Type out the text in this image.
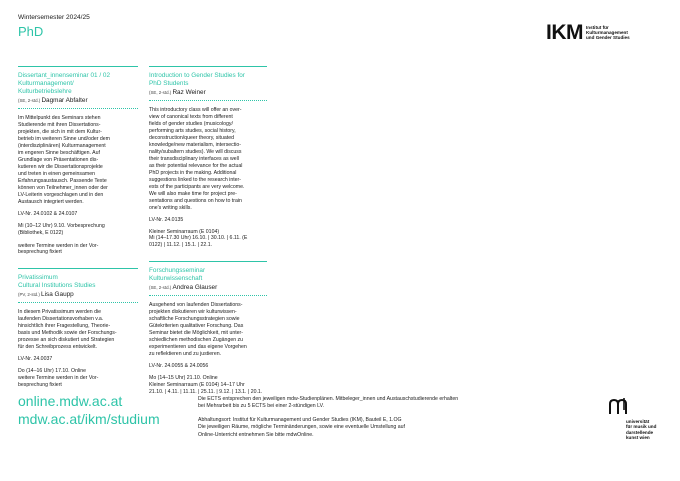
Wintersemester 2024/25
PhD	IKM Institut für
Kulturmanagement
und Gender Studies
Dissertant_innenseminar 01 / 02
Kulturmanagement/
Kulturbetriebslehre
(SE, 2-std.) Dagmar Abfalter
Im Mittelpunkt des Seminars stehen
Studierende mit ihren Dissertations-
projekten, die sich in mit dem Kultur-
betrieb im weiteren Sinne und/oder dem
(interdisziplinären) Kulturmanagement
im engeren Sinne beschäftigen. Auf
Grundlage von Präsentationen dis-
kutieren wir die Dissertationsprojekte
und treten in einen gemeinsamen
Erfahrungsaustausch. Passende Texte
können von Teilnehmer_innen oder der
LV-Leiterin vorgeschlagen und in den
Austausch integriert werden.
LV-Nr. 24.0102 & 24.0107
Mi (10–12 Uhr) 9.10. Vorbesprechung
(Bibliothek, E 0122)
weitere Termine werden in der Vor-
besprechung fixiert
Privatissimum
Cultural Institutions Studies
(PV, 2-std.) Lisa Gaupp
In diesem Privatissimum werden die
laufenden Dissertationsvorhaben v.a.
hinsichtlich ihrer Fragestellung, Theorie-
basis und Methodik sowie der Forschungs-
prozesse an sich diskutiert und Strategien
für den Schreibprozess entwickelt.
LV-Nr. 24.0037
Do (14–16 Uhr) 17.10. Online
weitere Termine werden in der Vor-
besprechung fixiert
Introduction to Gender Studies for
PhD Students
(SE, 2-std.) Raz Weiner
This introductory class will offer an over-
view of canonical texts from different
fields of gender studies (musicology/
performing arts studies, social history,
deconstruction/queer theory, situated
knowledge/new materialism, intersectio-
nality/subaltern studies). We will discuss
their transdisciplinary interfaces as well
as their potential relevance for the actual
PhD projects in the making. Additional
suggestions linked to the research inter-
ests of the participants are very welcome.
We will also make time for project pre-
sentations and questions on how to train
one's writing skills.
LV-Nr. 24.0135
Kleiner Seminarraum (E 0104)
Mi (14–17.30 Uhr) 16.10. | 30.10. | 6.11. (E
0122) | 11.12. | 15.1. | 22.1.
Forschungsseminar
Kulturwissenschaft
(SE, 2-std.) Andrea Glauser
Ausgehend von laufenden Dissertations-
projekten diskutieren wir kulturwissen-
schaftliche Forschungsstrategien sowie
Gütekriterien qualitativer Forschung. Das
Seminar bietet die Möglichkeit, mit unter-
schiedlichen methodischen Zugängen zu
experimentieren und das eigene Vorgehen
zu reflektieren und zu justieren.
LV-Nr. 24.0055 & 24.0056
Mo (14–15 Uhr) 21.10. Online
Kleiner Seminarraum (E 0104) 14–17 Uhr
21.10. | 4.11. | 11.11. | 25.11. | 9.12. | 13.1. | 20.1.
online.mdw.ac.at
mdw.ac.at/ikm/studium
Die ECTS entsprechen den jeweiligen mdw-Studienplänen. Mitbeleger_innen und Austauschstudierende erhalten
bei Mehrarbeit bis zu 5 ECTS bei einer 2-stündigen LV.
Abhaltungsort: Institut für Kulturmanagement und Gender Studies (IKM), Bauteil E, 1.OG
Die jeweiligen Räume, mögliche Terminänderungen, sowie eine eventuelle Umstellung auf
Online-Unterricht entnehmen Sie bitte mdwOnline.
universität
für musik und
darstellende
kunst wien
